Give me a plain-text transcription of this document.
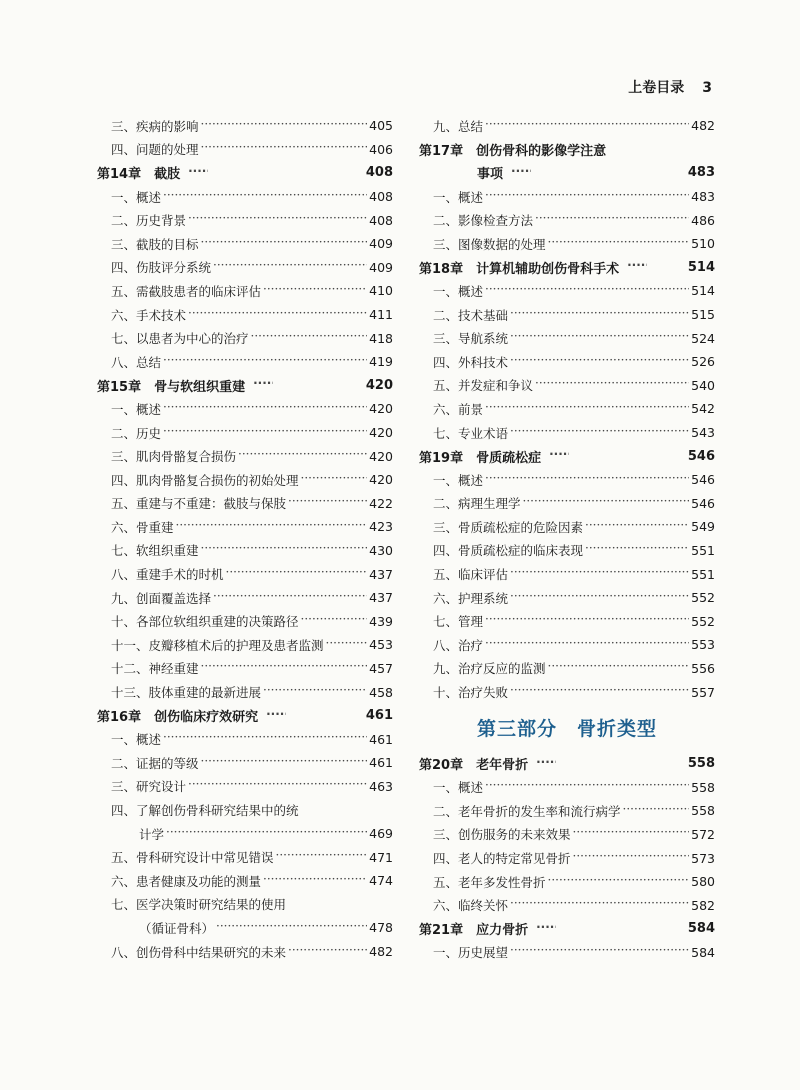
上卷目录 3
三、疾病的影响 ·····	405
四、问题的处理 ·····	406
第14章　截肢 ·····	408
一、概述 ·····	408
二、历史背景 ·····	408
三、截肢的目标 ·····	409
四、伤肢评分系统 ·····	409
五、需截肢患者的临床评估 ·····	410
六、手术技术 ·····	411
七、以患者为中心的治疗 ·····	418
八、总结 ·····	419
第15章　骨与软组织重建 ·····	420
一、概述 ·····	420
二、历史 ·····	420
三、肌肉骨骼复合损伤 ·····	420
四、肌肉骨骼复合损伤的初始处理 ·····	420
五、重建与不重建：截肢与保肢 ·····	422
六、骨重建 ·····	423
七、软组织重建 ·····	430
八、重建手术的时机 ·····	437
九、创面覆盖选择 ·····	437
十、各部位软组织重建的决策路径 ·····	439
十一、皮瓣移植术后的护理及患者监测 ·····	453
十二、神经重建 ·····	457
十三、肢体重建的最新进展 ·····	458
第16章　创伤临床疗效研究 ·····	461
一、概述 ·····	461
二、证据的等级 ·····	461
三、研究设计 ·····	463
四、了解创伤骨科研究结果中的统
计学 ·····	469
五、骨科研究设计中常见错误 ·····	471
六、患者健康及功能的测量 ·····	474
七、医学决策时研究结果的使用
（循证骨科） ·····	478
八、创伤骨科中结果研究的未来 ·····	482
九、总结 ·····	482
第17章　创伤骨科的影像学注意
事项 ·····	483
一、概述 ·····	483
二、影像检查方法 ·····	486
三、图像数据的处理 ·····	510
第18章　计算机辅助创伤骨科手术 ·····	514
一、概述 ·····	514
二、技术基础 ·····	515
三、导航系统 ·····	524
四、外科技术 ·····	526
五、并发症和争议 ·····	540
六、前景 ·····	542
七、专业术语 ·····	543
第19章　骨质疏松症 ·····	546
一、概述 ·····	546
二、病理生理学 ·····	546
三、骨质疏松症的危险因素 ·····	549
四、骨质疏松症的临床表现 ·····	551
五、临床评估 ·····	551
六、护理系统 ·····	552
七、管理 ·····	552
八、治疗 ·····	553
九、治疗反应的监测 ·····	556
十、治疗失败 ·····	557
第三部分　骨折类型
第20章　老年骨折 ·····	558
一、概述 ·····	558
二、老年骨折的发生率和流行病学 ·····	558
三、创伤服务的未来效果 ·····	572
四、老人的特定常见骨折 ·····	573
五、老年多发性骨折 ·····	580
六、临终关怀 ·····	582
第21章　应力骨折 ·····	584
一、历史展望 ·····	584
